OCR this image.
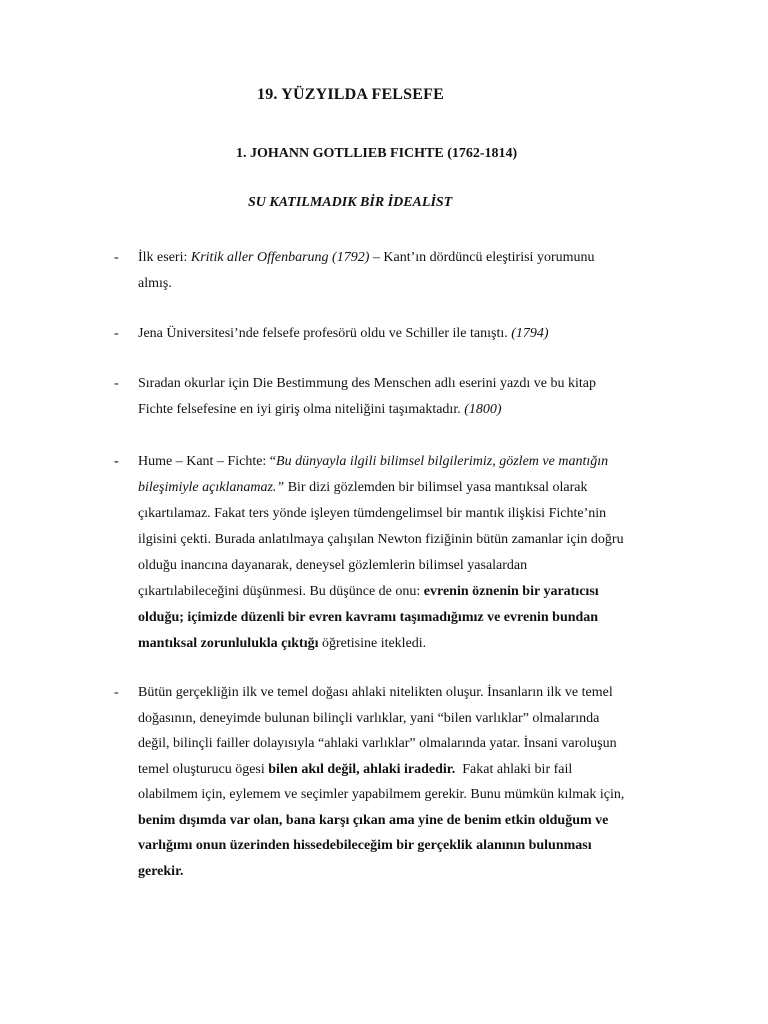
19. YÜZYILDA FELSEFE
1. JOHANN GOTLLIEB FICHTE (1762-1814)
SU KATILMADIK BİR İDEALİST
- İlk eseri: Kritik aller Offenbarung (1792) – Kant’ın dördüncü eleştirisi yorumunu
almış.
- Jena Üniversitesi’nde felsefe profesörü oldu ve Schiller ile tanıştı. (1794)
- Sıradan okurlar için Die Bestimmung des Menschen adlı eserini yazdı ve bu kitap
Fichte felsefesine en iyi giriş olma niteliğini taşımaktadır. (1800)
- Hume – Kant – Fichte: “Bu dünyayla ilgili bilimsel bilgilerimiz, gözlem ve mantığın
bileşimiyle açıklanamaz.” Bir dizi gözlemden bir bilimsel yasa mantıksal olarak
çıkartılamaz. Fakat ters yönde işleyen tümdengelimsel bir mantık ilişkisi Fichte’nin
ilgisini çekti. Burada anlatılmaya çalışılan Newton fiziğinin bütün zamanlar için doğru
olduğu inancına dayanarak, deneysel gözlemlerin bilimsel yasalardan
çıkartılabileceğini düşünmesi. Bu düşünce de onu: evrenin öznenin bir yaratıcısı
olduğu; içimizde düzenli bir evren kavramı taşımadığımız ve evrenin bundan
mantıksal zorunlulukla çıktığı öğretisine itekledi.
- Bütün gerçekliğin ilk ve temel doğası ahlaki nitelikten oluşur. İnsanların ilk ve temel
doğasının, deneyimde bulunan bilinçli varlıklar, yani “bilen varlıklar” olmalarında
değil, bilinçli failler dolayısıyla “ahlaki varlıklar” olmalarında yatar. İnsani varoluşun
temel oluşturucu ögesi bilen akıl değil, ahlaki iradedir.  Fakat ahlaki bir fail
olabilmem için, eylemem ve seçimler yapabilmem gerekir. Bunu mümkün kılmak için,
benim dışımda var olan, bana karşı çıkan ama yine de benim etkin olduğum ve
varlığımı onun üzerinden hissedebileceğim bir gerçeklik alanının bulunması
gerekir.
